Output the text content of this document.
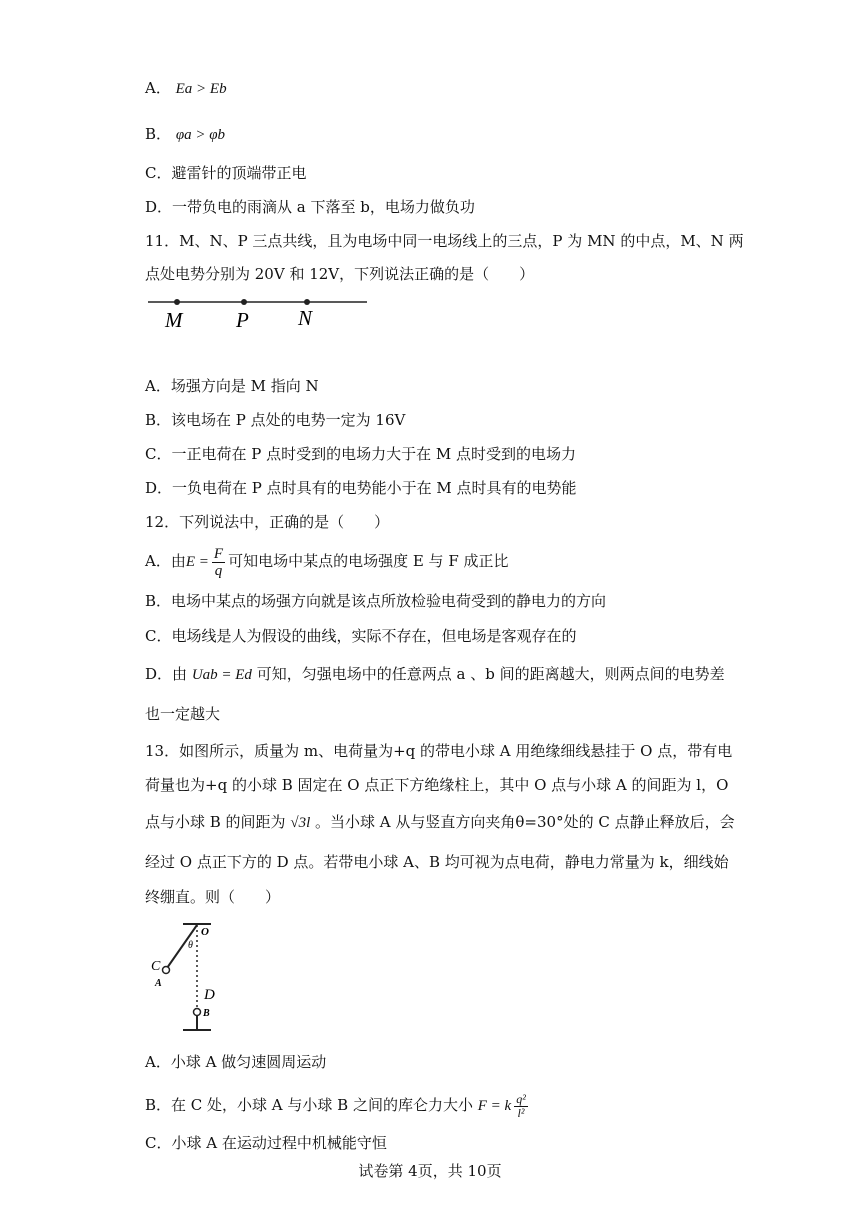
A． Ea > Eb
B． φa > φb
C．避雷针的顶端带正电
D．一带负电的雨滴从 a 下落至 b，电场力做负功
11．M、N、P 三点共线，且为电场中同一电场线上的三点，P 为 MN 的中点，M、N 两
点处电势分别为 20V 和 12V，下列说法正确的是（　　）
M	P N
A．场强方向是 M 指向 N
B．该电场在 P 点处的电势一定为 16V
C．一正电荷在 P 点时受到的电场力大于在 M 点时受到的电场力
D．一负电荷在 P 点时具有的电势能小于在 M 点时具有的电势能
12．下列说法中，正确的是（　　）
A．由$E = \frac{F}{q}$ 可知电场中某点的电场强度 E 与 F 成正比
B．电场中某点的场强方向就是该点所放检验电荷受到的静电力的方向
C．电场线是人为假设的曲线，实际不存在，但电场是客观存在的
D．由 Uab = Ed 可知，匀强电场中的任意两点 a 、b 间的距离越大，则两点间的电势差
也一定越大
13．如图所示，质量为 m、电荷量为+q 的带电小球 A 用绝缘细线悬挂于 O 点，带有电
荷量也为+q 的小球 B 固定在 O 点正下方绝缘柱上，其中 O 点与小球 A 的间距为 l，O
点与小球 B 的间距为 √3l 。当小球 A 从与竖直方向夹角θ=30°处的 C 点静止释放后，会
经过 O 点正下方的 D 点。若带电小球 A、B 均可视为点电荷，静电力常量为 k，细线始
终绷直。则（　　）
O
θ
C
A
D
B
A．小球 A 做匀速圆周运动
B．在 C 处，小球 A 与小球 B 之间的库仑力大小 F = k $\frac{\text{q²}}{\text{l²}}$
C．小球 A 在运动过程中机械能守恒
试卷第 4页，共 10页
